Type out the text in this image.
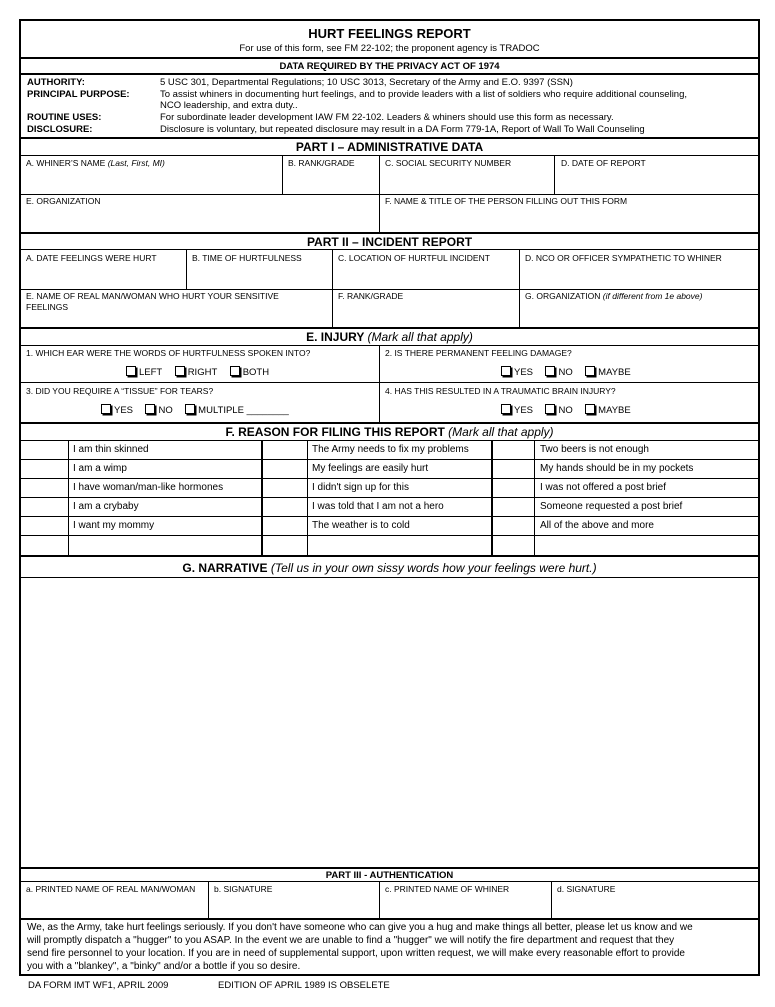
HURT FEELINGS REPORT
For use of this form, see FM 22-102; the proponent agency is TRADOC
DATA REQUIRED BY THE PRIVACY ACT OF 1974
AUTHORITY:	5 USC 301, Departmental Regulations; 10 USC 3013, Secretary of the Army and E.O. 9397 (SSN)
PRINCIPAL PURPOSE:	To assist whiners in documenting hurt feelings, and to provide leaders with a list of soldiers who require additional counseling,
NCO leadership, and extra duty..
ROUTINE USES:	For subordinate leader development IAW FM 22-102. Leaders & whiners should use this form as necessary.
DISCLOSURE:	Disclosure is voluntary, but repeated disclosure may result in a DA Form 779-1A, Report of Wall To Wall Counseling
PART I – ADMINISTRATIVE DATA
A. WHINER’S NAME (Last, First, MI)	B. RANK/GRADE	C. SOCIAL SECURITY NUMBER	D. DATE OF REPORT
E. ORGANIZATION	F. NAME & TITLE OF THE PERSON FILLING OUT THIS FORM
PART II – INCIDENT REPORT
A. DATE FEELINGS WERE HURT	B. TIME OF HURTFULNESS	C. LOCATION OF HURTFUL INCIDENT	D. NCO OR OFFICER SYMPATHETIC TO WHINER
E. NAME OF REAL MAN/WOMAN WHO HURT YOUR SENSITIVE
FEELINGS
F. RANK/GRADE	G. ORGANIZATION (if different from 1e above)
E. INJURY (Mark all that apply)
1. WHICH EAR WERE THE WORDS OF HURTFULNESS SPOKEN INTO?
LEFT	RIGHT	BOTH
2. IS THERE PERMANENT FEELING DAMAGE?
YES	NO	MAYBE
3. DID YOU REQUIRE A “TISSUE” FOR TEARS?
YES	NO	MULTIPLE ________
4. HAS THIS RESULTED IN A TRAUMATIC BRAIN INJURY?
YES	NO	MAYBE
F. REASON FOR FILING THIS REPORT (Mark all that apply)
I am thin skinned
I am a wimp
I have woman/man-like hormones
I am a crybaby
I want my mommy
The Army needs to fix my problems
My feelings are easily hurt
I didn't sign up for this
I was told that I am not a hero
The weather is to cold
Two beers is not enough
My hands should be in my pockets
I was not offered a post brief
Someone requested a post brief
All of the above and more
G. NARRATIVE (Tell us in your own sissy words how your feelings were hurt.)
PART III - AUTHENTICATION
a. PRINTED NAME OF REAL MAN/WOMAN b. SIGNATURE	c. PRINTED NAME OF WHINER	d. SIGNATURE
We, as the Army, take hurt feelings seriously. If you don't have someone who can give you a hug and make things all better, please let us know and we
will promptly dispatch a "hugger" to you ASAP. In the event we are unable to find a "hugger" we will notify the fire department and request that they
send fire personnel to your location. If you are in need of supplemental support, upon written request, we will make every reasonable effort to provide
you with a "blankey", a "binky" and/or a bottle if you so desire.
DA FORM IMT WF1, APRIL 2009	EDITION OF APRIL 1989 IS OBSELETE
